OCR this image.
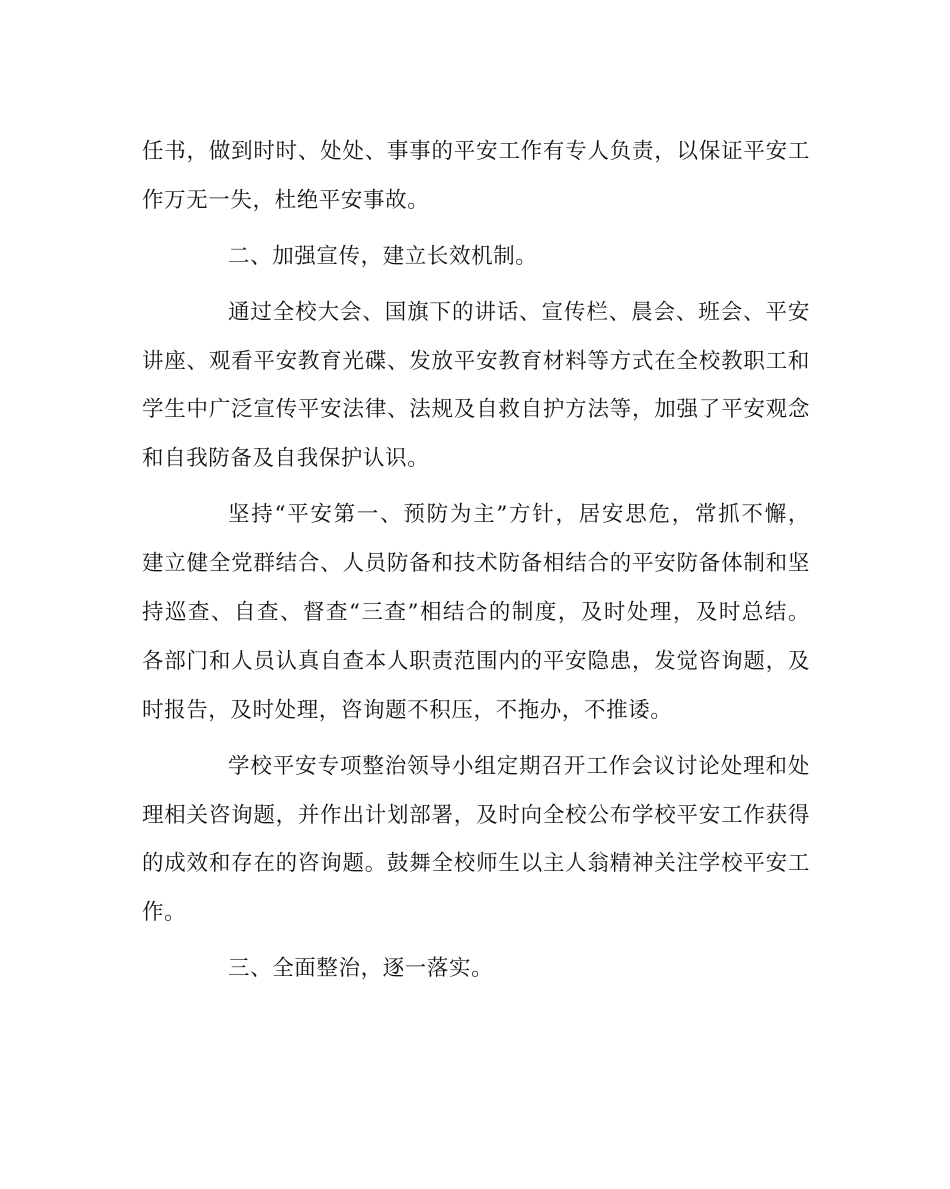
任书，做到时时、处处、事事的平安工作有专人负责，以保证平安工
作万无一失，杜绝平安事故。
二、加强宣传，建立长效机制。
通过全校大会、国旗下的讲话、宣传栏、晨会、班会、平安
讲座、观看平安教育光碟、发放平安教育材料等方式在全校教职工和
学生中广泛宣传平安法律、法规及自救自护方法等，加强了平安观念
和自我防备及自我保护认识。
坚持“平安第一、预防为主”方针，居安思危，常抓不懈，
建立健全党群结合、人员防备和技术防备相结合的平安防备体制和坚
持巡查、自查、督查“三查”相结合的制度，及时处理，及时总结。
各部门和人员认真自查本人职责范围内的平安隐患，发觉咨询题，及
时报告，及时处理，咨询题不积压，不拖办，不推诿。
学校平安专项整治领导小组定期召开工作会议讨论处理和处
理相关咨询题，并作出计划部署，及时向全校公布学校平安工作获得
的成效和存在的咨询题。鼓舞全校师生以主人翁精神关注学校平安工
作。
三、全面整治，逐一落实。
